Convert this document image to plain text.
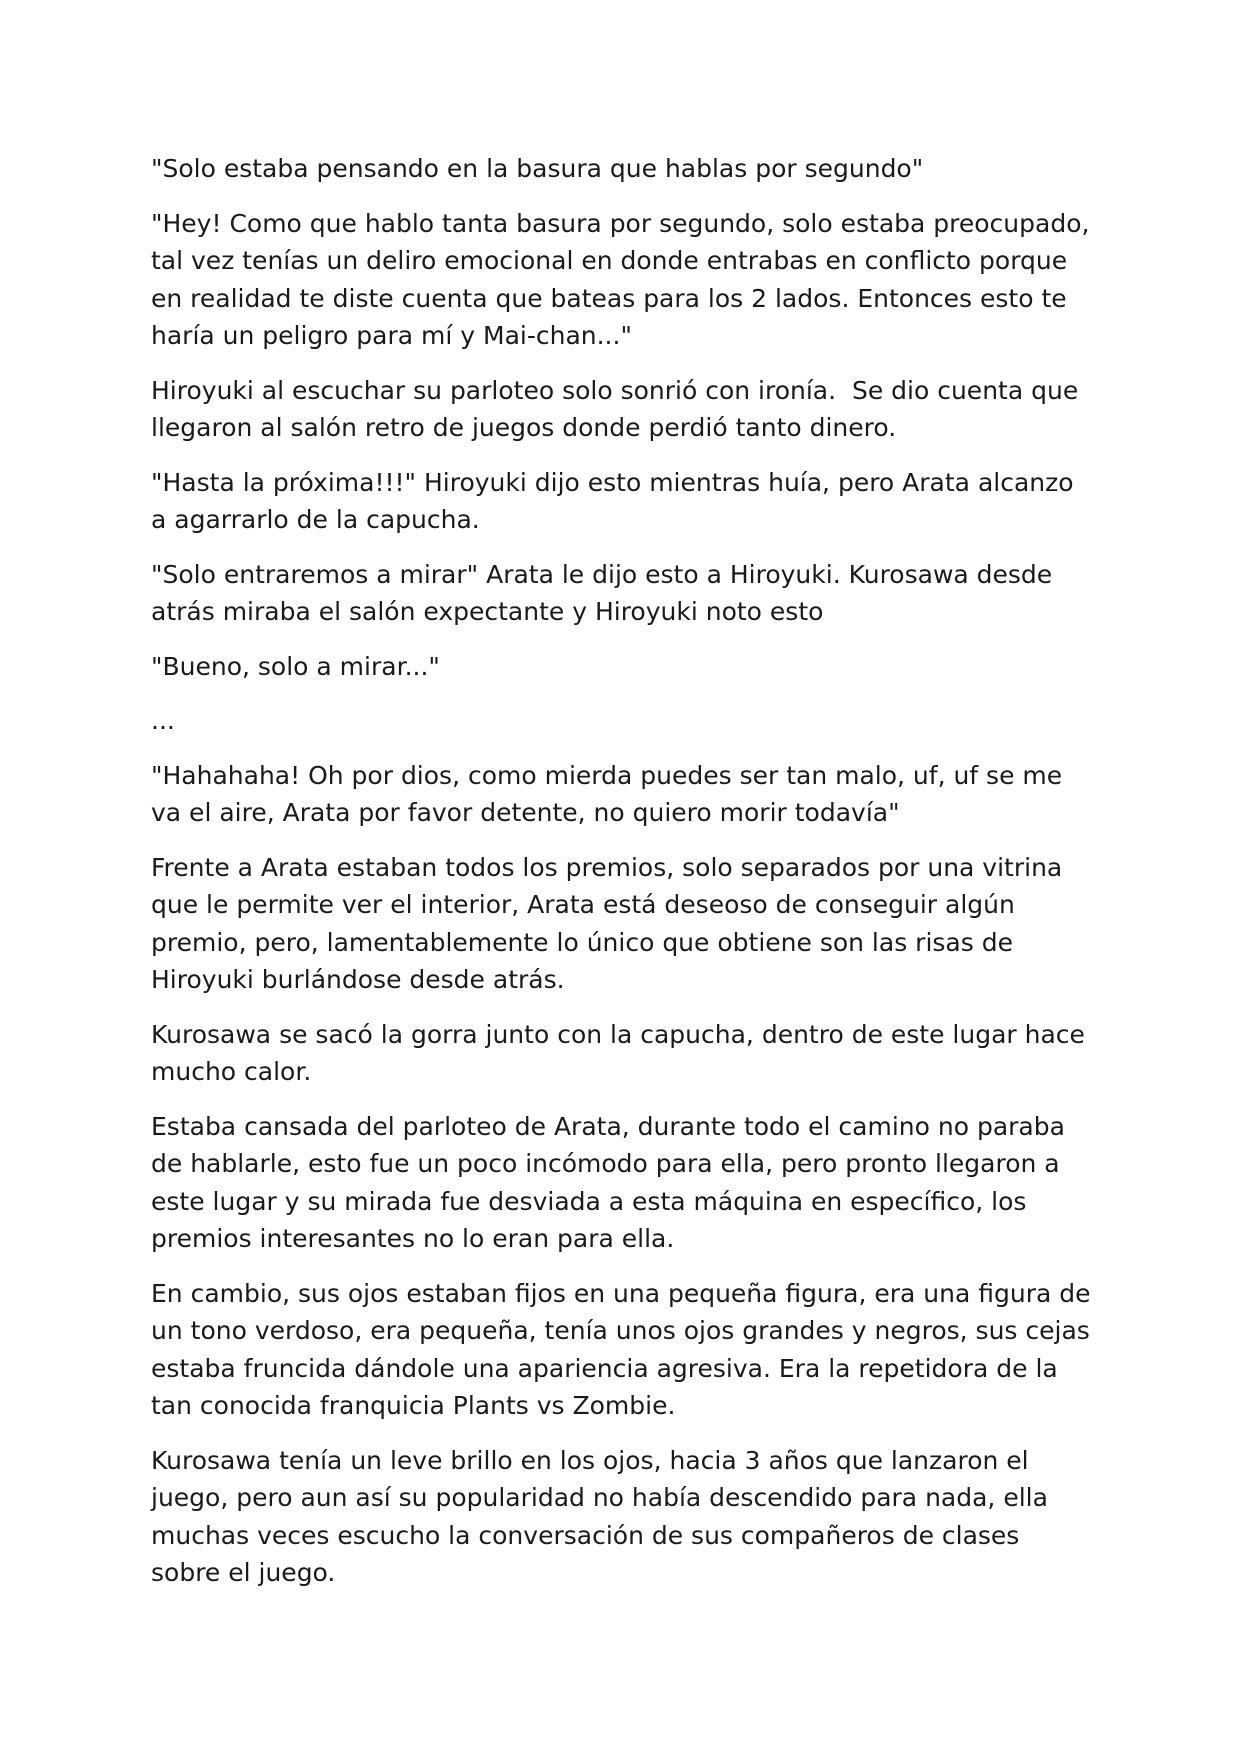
"Solo estaba pensando en la basura que hablas por segundo"

"Hey! Como que hablo tanta basura por segundo, solo estaba preocupado, tal vez tenías un deliro emocional en donde entrabas en conflicto porque en realidad te diste cuenta que bateas para los 2 lados. Entonces esto te haría un peligro para mí y Mai-chan..."

Hiroyuki al escuchar su parloteo solo sonrió con ironía.  Se dio cuenta que llegaron al salón retro de juegos donde perdió tanto dinero.

"Hasta la próxima!!!" Hiroyuki dijo esto mientras huía, pero Arata alcanzo a agarrarlo de la capucha.

"Solo entraremos a mirar" Arata le dijo esto a Hiroyuki. Kurosawa desde atrás miraba el salón expectante y Hiroyuki noto esto

"Bueno, solo a mirar..."

...

"Hahahaha! Oh por dios, como mierda puedes ser tan malo, uf, uf se me va el aire, Arata por favor detente, no quiero morir todavía"

Frente a Arata estaban todos los premios, solo separados por una vitrina que le permite ver el interior, Arata está deseoso de conseguir algún premio, pero, lamentablemente lo único que obtiene son las risas de Hiroyuki burlándose desde atrás.

Kurosawa se sacó la gorra junto con la capucha, dentro de este lugar hace mucho calor.

Estaba cansada del parloteo de Arata, durante todo el camino no paraba de hablarle, esto fue un poco incómodo para ella, pero pronto llegaron a este lugar y su mirada fue desviada a esta máquina en específico, los premios interesantes no lo eran para ella.

En cambio, sus ojos estaban fijos en una pequeña figura, era una figura de un tono verdoso, era pequeña, tenía unos ojos grandes y negros, sus cejas estaba fruncida dándole una apariencia agresiva. Era la repetidora de la tan conocida franquicia Plants vs Zombie.

Kurosawa tenía un leve brillo en los ojos, hacia 3 años que lanzaron el juego, pero aun así su popularidad no había descendido para nada, ella muchas veces escucho la conversación de sus compañeros de clases sobre el juego.
